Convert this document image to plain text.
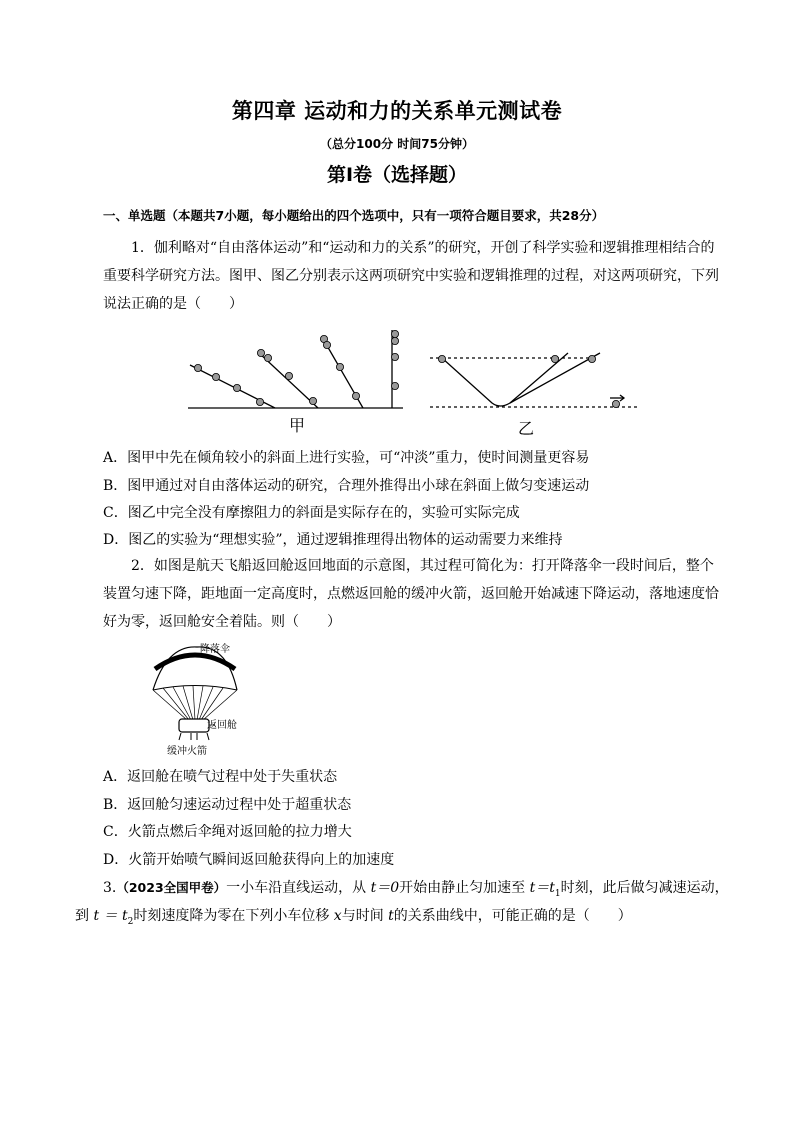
第四章 运动和力的关系单元测试卷
（总分100分 时间75分钟）
第Ⅰ卷（选择题）
一、单选题（本题共7小题，每小题给出的四个选项中，只有一项符合题目要求，共28分）
1．伽利略对“自由落体运动”和“运动和力的关系”的研究，开创了科学实验和逻辑推理相结合的重要科学研究方法。图甲、图乙分别表示这两项研究中实验和逻辑推理的过程，对这两项研究，下列说法正确的是（　　）
甲	乙
A．图甲中先在倾角较小的斜面上进行实验，可“冲淡”重力，使时间测量更容易
B．图甲通过对自由落体运动的研究，合理外推得出小球在斜面上做匀变速运动
C．图乙中完全没有摩擦阻力的斜面是实际存在的，实验可实际完成
D．图乙的实验为“理想实验”，通过逻辑推理得出物体的运动需要力来维持
2．如图是航天飞船返回舱返回地面的示意图，其过程可简化为：打开降落伞一段时间后，整个装置匀速下降，距地面一定高度时，点燃返回舱的缓冲火箭，返回舱开始减速下降运动，落地速度恰好为零，返回舱安全着陆。则（　　）
降落伞
返回舱
缓冲火箭
A．返回舱在喷气过程中处于失重状态
B．返回舱匀速运动过程中处于超重状态
C．火箭点燃后伞绳对返回舱的拉力增大
D．火箭开始喷气瞬间返回舱获得向上的加速度
3.（2023全国甲卷）一小车沿直线运动，从 t＝0开始由静止匀加速至 $t=t_1$时刻，此后做匀减速运动，
到 $t = t_2$时刻速度降为零在下列小车位移 x与时间 t的关系曲线中，可能正确的是（　　）
